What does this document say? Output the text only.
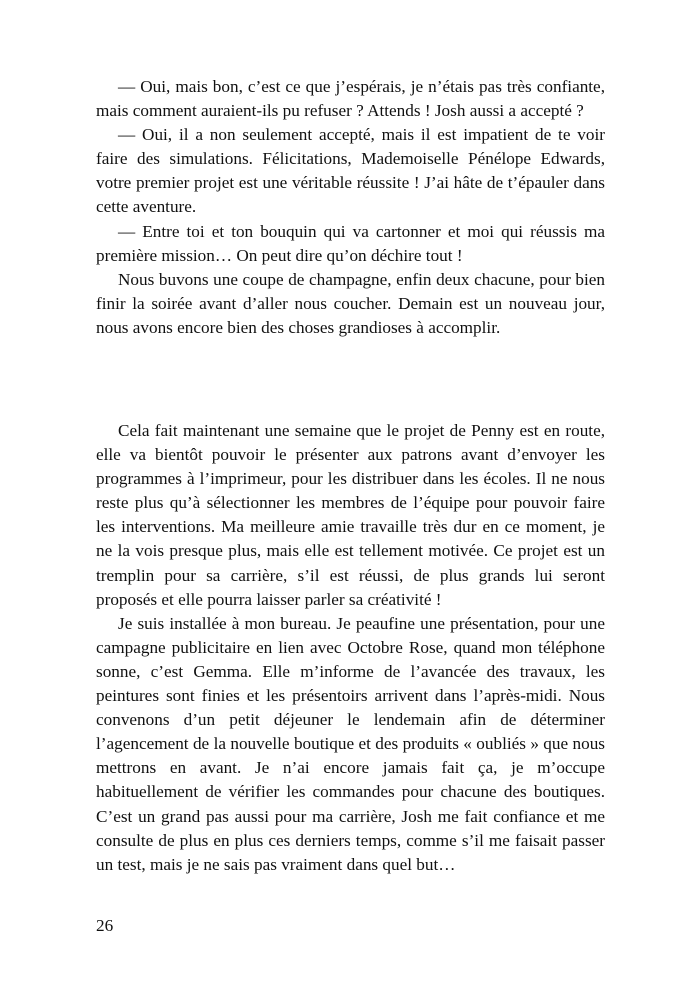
— Oui, mais bon, c’est ce que j’espérais, je n’étais pas très confiante, mais comment auraient-ils pu refuser ? Attends ! Josh aussi a accepté ?

— Oui, il a non seulement accepté, mais il est impatient de te voir faire des simulations. Félicitations, Mademoiselle Pénélope Edwards, votre premier projet est une véritable réussite ! J’ai hâte de t’épauler dans cette aventure.

— Entre toi et ton bouquin qui va cartonner et moi qui réussis ma première mission… On peut dire qu’on déchire tout !

Nous buvons une coupe de champagne, enfin deux chacune, pour bien finir la soirée avant d’aller nous coucher. Demain est un nouveau jour, nous avons encore bien des choses grandioses à accomplir.

Cela fait maintenant une semaine que le projet de Penny est en route, elle va bientôt pouvoir le présenter aux patrons avant d’envoyer les programmes à l’imprimeur, pour les distribuer dans les écoles. Il ne nous reste plus qu’à sélectionner les membres de l’équipe pour pouvoir faire les interventions. Ma meilleure amie travaille très dur en ce moment, je ne la vois presque plus, mais elle est tellement motivée. Ce projet est un tremplin pour sa carrière, s’il est réussi, de plus grands lui seront proposés et elle pourra laisser parler sa créativité !

Je suis installée à mon bureau. Je peaufine une présentation, pour une campagne publicitaire en lien avec Octobre Rose, quand mon téléphone sonne, c’est Gemma. Elle m’informe de l’avancée des travaux, les peintures sont finies et les présentoirs arrivent dans l’après-midi. Nous convenons d’un petit déjeuner le lendemain afin de déterminer l’agencement de la nouvelle boutique et des produits « oubliés » que nous mettrons en avant. Je n’ai encore jamais fait ça, je m’occupe habituellement de vérifier les commandes pour chacune des boutiques. C’est un grand pas aussi pour ma carrière, Josh me fait confiance et me consulte de plus en plus ces derniers temps, comme s’il me faisait passer un test, mais je ne sais pas vraiment dans quel but…

26
